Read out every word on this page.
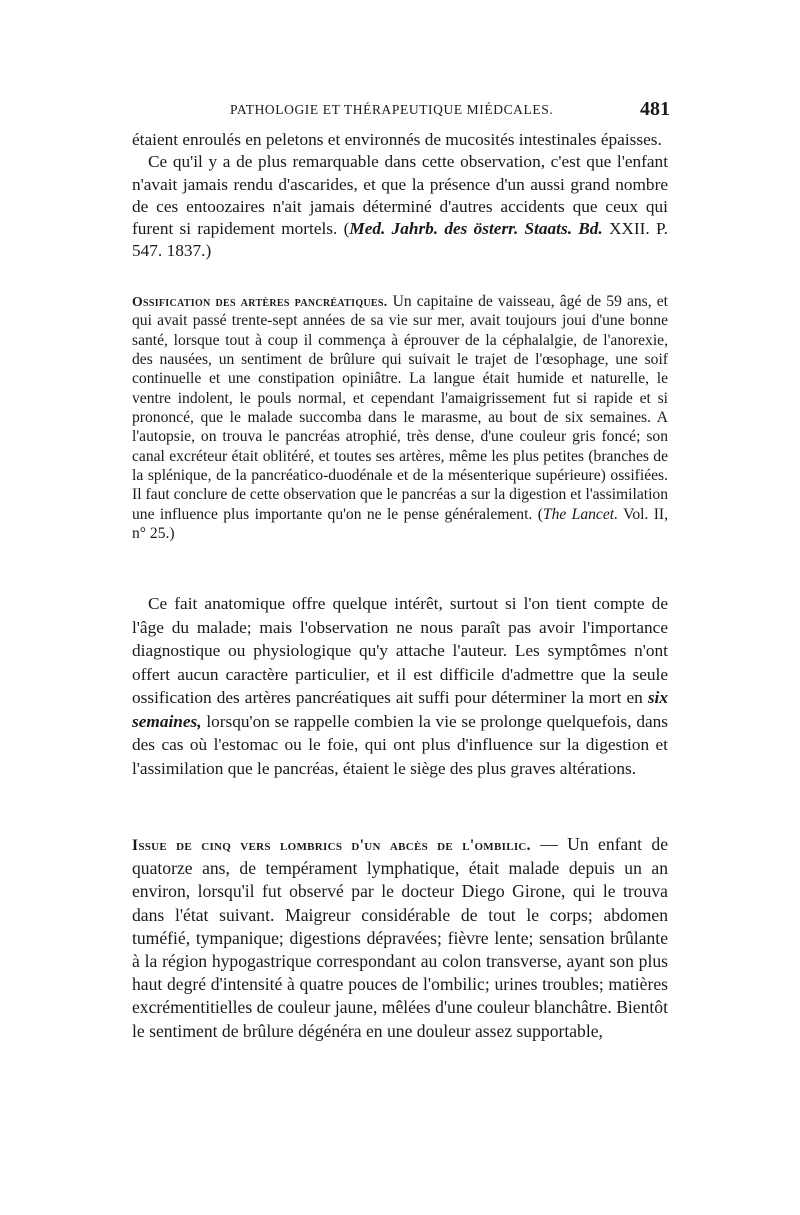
PATHOLOGIE ET THÉRAPEUTIQUE MIÉDCALES.	481

étaient enroulés en peletons et environnés de mucosités intestinales épaisses.

Ce qu'il y a de plus remarquable dans cette observation, c'est que l'enfant n'avait jamais rendu d'ascarides, et que la présence d'un aussi grand nombre de ces entoozaires n'ait jamais déterminé d'autres accidents que ceux qui furent si rapidement mortels. (Med. Jahrb. des österr. Staats. Bd. XXII. P. 547. 1837.)

Ossification des artères pancréatiques. Un capitaine de vaisseau, âgé de 59 ans, et qui avait passé trente-sept années de sa vie sur mer, avait toujours joui d'une bonne santé, lorsque tout à coup il commença à éprouver de la céphalalgie, de l'anorexie, des nausées, un sentiment de brûlure qui suivait le trajet de l'œsophage, une soif continuelle et une constipation opiniâtre. La langue était humide et naturelle, le ventre indolent, le pouls normal, et cependant l'amaigrissement fut si rapide et si prononcé, que le malade succomba dans le marasme, au bout de six semaines. A l'autopsie, on trouva le pancréas atrophié, très dense, d'une couleur gris foncé; son canal excréteur était oblitéré, et toutes ses artères, même les plus petites (branches de la splénique, de la pancréatico-duodénale et de la mésenterique supérieure) ossifiées. Il faut conclure de cette observation que le pancréas a sur la digestion et l'assimilation une influence plus importante qu'on ne le pense généralement. (The Lancet. Vol. II, n° 25.)

Ce fait anatomique offre quelque intérêt, surtout si l'on tient compte de l'âge du malade; mais l'observation ne nous paraît pas avoir l'importance diagnostique ou physiologique qu'y attache l'auteur. Les symptômes n'ont offert aucun caractère particulier, et il est difficile d'admettre que la seule ossification des artères pancréatiques ait suffi pour déterminer la mort en six semaines, lorsqu'on se rappelle combien la vie se prolonge quelquefois, dans des cas où l'estomac ou le foie, qui ont plus d'influence sur la digestion et l'assimilation que le pancréas, étaient le siège des plus graves altérations.

Issue de cinq vers lombrics d'un abcès de l'ombilic. — Un enfant de quatorze ans, de tempérament lymphatique, était malade depuis un an environ, lorsqu'il fut observé par le docteur Diego Girone, qui le trouva dans l'état suivant. Maigreur considérable de tout le corps; abdomen tuméfié, tympanique; digestions dépravées; fièvre lente; sensation brûlante à la région hypogastrique correspondant au colon transverse, ayant son plus haut degré d'intensité à quatre pouces de l'ombilic; urines troubles; matières excrémentitielles de couleur jaune, mêlées d'une couleur blanchâtre. Bientôt le sentiment de brûlure dégénéra en une douleur assez supportable,
